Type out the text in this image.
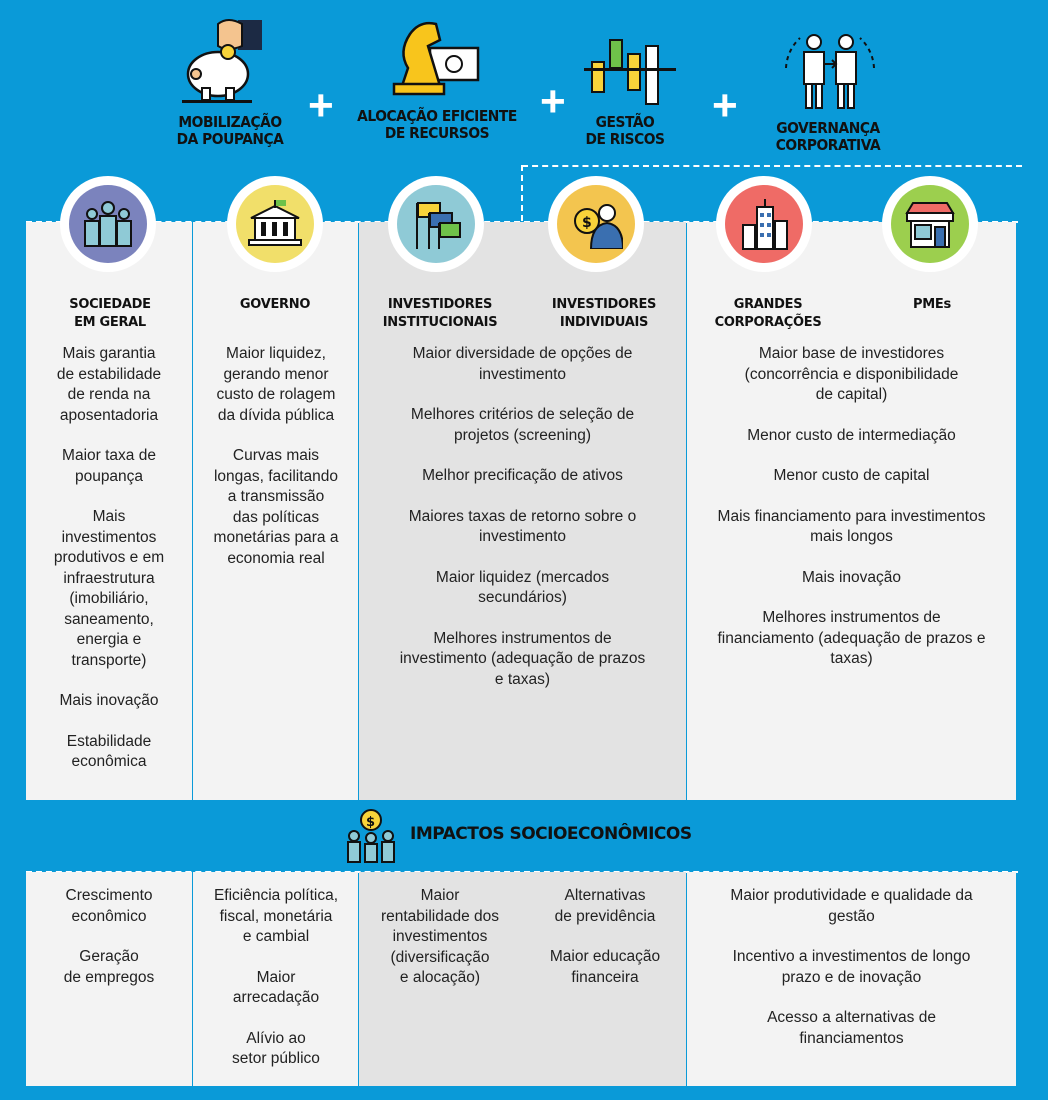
MOBILIZAÇÃO
DA POUPANÇA
+	ALOCAÇÃO EFICIENTE
DE RECURSOS
+	GESTÃO
DE RISCOS
+	GOVERNANÇA
CORPORATIVA
$
SOCIEDADE
EM GERAL
GOVERNO	INVESTIDORES
INSTITUCIONAIS
INVESTIDORES
INDIVIDUAIS
GRANDES
CORPORAÇÕES
PMEs

Mais garantia
de estabilidade
de renda na
aposentadoria

Maior taxa de
poupança

Mais
investimentos
produtivos e em
infraestrutura
(imobiliário,
saneamento,
energia e
transporte)

Mais inovação

Estabilidade
econômica

Maior liquidez,
gerando menor
custo de rolagem
da dívida pública

Curvas mais
longas, facilitando
a transmissão
das políticas
monetárias para a
economia real

Maior diversidade de opções de
investimento

Melhores critérios de seleção de
projetos (screening)

Melhor precificação de ativos

Maiores taxas de retorno sobre o
investimento

Maior liquidez (mercados
secundários)

Melhores instrumentos de
investimento (adequação de prazos
e taxas)

Maior base de investidores
(concorrência e disponibilidade
de capital)

Menor custo de intermediação

Menor custo de capital

Mais financiamento para investimentos
mais longos

Mais inovação

Melhores instrumentos de
financiamento (adequação de prazos e
taxas)

$
IMPACTOS SOCIOECONÔMICOS

Crescimento
econômico

Geração
de empregos

Eficiência política,
fiscal, monetária
e cambial

Maior
arrecadação

Alívio ao
setor público

Maior
rentabilidade dos
investimentos
(diversificação
e alocação)

Alternativas
de previdência

Maior educação
financeira

Maior produtividade e qualidade da
gestão

Incentivo a investimentos de longo
prazo e de inovação

Acesso a alternativas de
financiamentos
